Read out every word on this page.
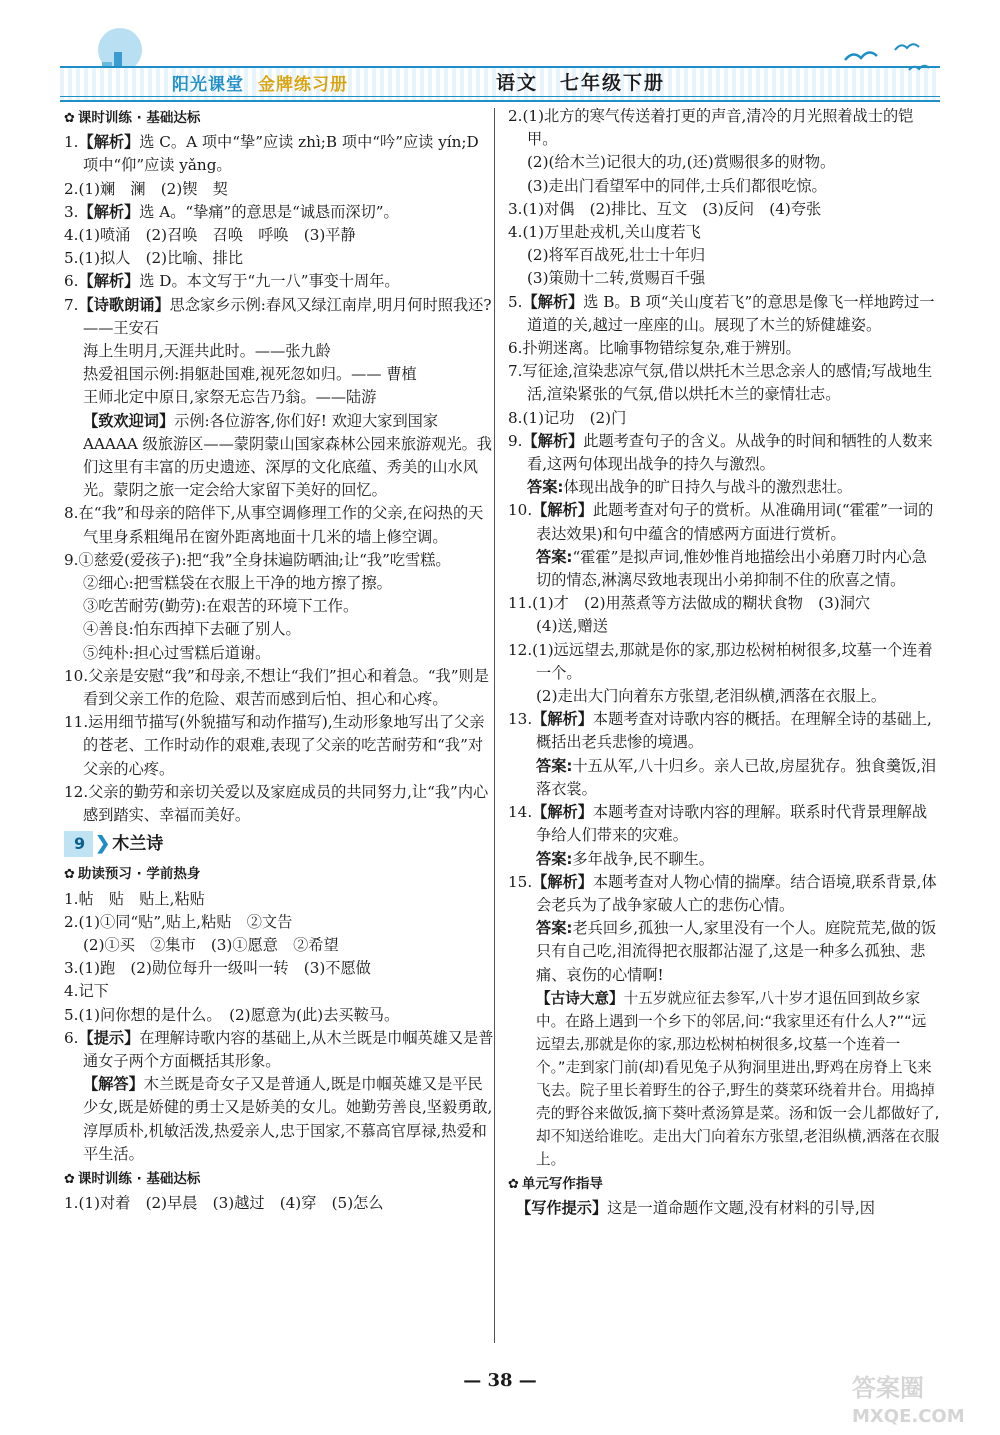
阳光课堂 金牌练习册	语文 七年级下册
✿ 课时训练 · 基础达标
1.【解析】选 C。A 项中“挚”应读 zhì;B 项中“吟”应读 yín;D 项中“仰”应读 yǎng。
2.(1)斓　澜　(2)锲　契
3.【解析】选 A。“挚痛”的意思是“诚恳而深切”。
4.(1)喷涌　(2)召唤　召唤　呼唤　(3)平静
5.(1)拟人　(2)比喻、排比
6.【解析】选 D。本文写于“九一八”事变十周年。
7.【诗歌朗诵】思念家乡示例:春风又绿江南岸,明月何时照我还? ——王安石
海上生明月,天涯共此时。——张九龄
热爱祖国示例:捐躯赴国难,视死忽如归。—— 曹植
王师北定中原日,家祭无忘告乃翁。——陆游
【致欢迎词】示例:各位游客,你们好! 欢迎大家到国家 AAAAA 级旅游区——蒙阴蒙山国家森林公园来旅游观光。我们这里有丰富的历史遗迹、深厚的文化底蕴、秀美的山水风光。蒙阴之旅一定会给大家留下美好的回忆。
8.在“我”和母亲的陪伴下,从事空调修理工作的父亲,在闷热的天气里身系粗绳吊在窗外距离地面十几米的墙上修空调。
9.①慈爱(爱孩子):把“我”全身抹遍防晒油;让“我”吃雪糕。
②细心:把雪糕袋在衣服上干净的地方擦了擦。
③吃苦耐劳(勤劳):在艰苦的环境下工作。
④善良:怕东西掉下去砸了别人。
⑤纯朴:担心过雪糕后道谢。
10.父亲是安慰“我”和母亲,不想让“我们”担心和着急。“我”则是看到父亲工作的危险、艰苦而感到后怕、担心和心疼。
11.运用细节描写(外貌描写和动作描写),生动形象地写出了父亲的苍老、工作时动作的艰难,表现了父亲的吃苦耐劳和“我”对父亲的心疼。
12.父亲的勤劳和亲切关爱以及家庭成员的共同努力,让“我”内心感到踏实、幸福而美好。
9 ❯ 木兰诗
✿ 助读预习 · 学前热身
1.帖　贴　贴上,粘贴
2.(1)①同“贴”,贴上,粘贴　②文告
(2)①买　②集市　(3)①愿意　②希望
3.(1)跑　(2)勋位每升一级叫一转　(3)不愿做
4.记下
5.(1)问你想的是什么。　(2)愿意为(此)去买鞍马。
6.【提示】在理解诗歌内容的基础上,从木兰既是巾帼英雄又是普通女子两个方面概括其形象。
【解答】木兰既是奇女子又是普通人,既是巾帼英雄又是平民少女,既是娇健的勇士又是娇美的女儿。她勤劳善良,坚毅勇敢,淳厚质朴,机敏活泼,热爱亲人,忠于国家,不慕高官厚禄,热爱和平生活。
✿ 课时训练 · 基础达标
1.(1)对着　(2)早晨　(3)越过　(4)穿　(5)怎么
2.(1)北方的寒气传送着打更的声音,清冷的月光照着战士的铠甲。
(2)(给木兰)记很大的功,(还)赏赐很多的财物。
(3)走出门看望军中的同伴,士兵们都很吃惊。
3.(1)对偶　(2)排比、互文　(3)反问　(4)夸张
4.(1)万里赴戎机,关山度若飞
(2)将军百战死,壮士十年归
(3)策勋十二转,赏赐百千强
5.【解析】选 B。B 项“关山度若飞”的意思是像飞一样地跨过一道道的关,越过一座座的山。展现了木兰的矫健雄姿。
6.扑朔迷离。比喻事物错综复杂,难于辨别。
7.写征途,渲染悲凉气氛,借以烘托木兰思念亲人的感情;写战地生活,渲染紧张的气氛,借以烘托木兰的豪情壮志。
8.(1)记功　(2)门
9.【解析】此题考查句子的含义。从战争的时间和牺牲的人数来看,这两句体现出战争的持久与激烈。
答案:体现出战争的旷日持久与战斗的激烈悲壮。
10.【解析】此题考查对句子的赏析。从准确用词(“霍霍”一词的表达效果)和句中蕴含的情感两方面进行赏析。
答案:“霍霍”是拟声词,惟妙惟肖地描绘出小弟磨刀时内心急切的情态,淋漓尽致地表现出小弟抑制不住的欣喜之情。
11.(1)才　(2)用蒸煮等方法做成的糊状食物　(3)洞穴
(4)送,赠送
12.(1)远远望去,那就是你的家,那边松树柏树很多,坟墓一个连着一个。
(2)走出大门向着东方张望,老泪纵横,洒落在衣服上。
13.【解析】本题考查对诗歌内容的概括。在理解全诗的基础上,概括出老兵悲惨的境遇。
答案:十五从军,八十归乡。亲人已故,房屋犹存。独食羹饭,泪落衣裳。
14.【解析】本题考查对诗歌内容的理解。联系时代背景理解战争给人们带来的灾难。
答案:多年战争,民不聊生。
15.【解析】本题考查对人物心情的揣摩。结合语境,联系背景,体会老兵为了战争家破人亡的悲伤心情。
答案:老兵回乡,孤独一人,家里没有一个人。庭院荒芜,做的饭只有自己吃,泪流得把衣服都沾湿了,这是一种多么孤独、悲痛、哀伤的心情啊!
【古诗大意】十五岁就应征去参军,八十岁才退伍回到故乡家中。在路上遇到一个乡下的邻居,问:“我家里还有什么人?”“远远望去,那就是你的家,那边松树柏树很多,坟墓一个连着一个。”走到家门前(却)看见兔子从狗洞里进出,野鸡在房脊上飞来飞去。院子里长着野生的谷子,野生的葵菜环绕着井台。用捣掉壳的野谷来做饭,摘下葵叶煮汤算是菜。汤和饭一会儿都做好了,却不知送给谁吃。走出大门向着东方张望,老泪纵横,洒落在衣服上。
✿ 单元写作指导
【写作提示】这是一道命题作文题,没有材料的引导,因
— 38 —	答案圈
MXQE.COM
